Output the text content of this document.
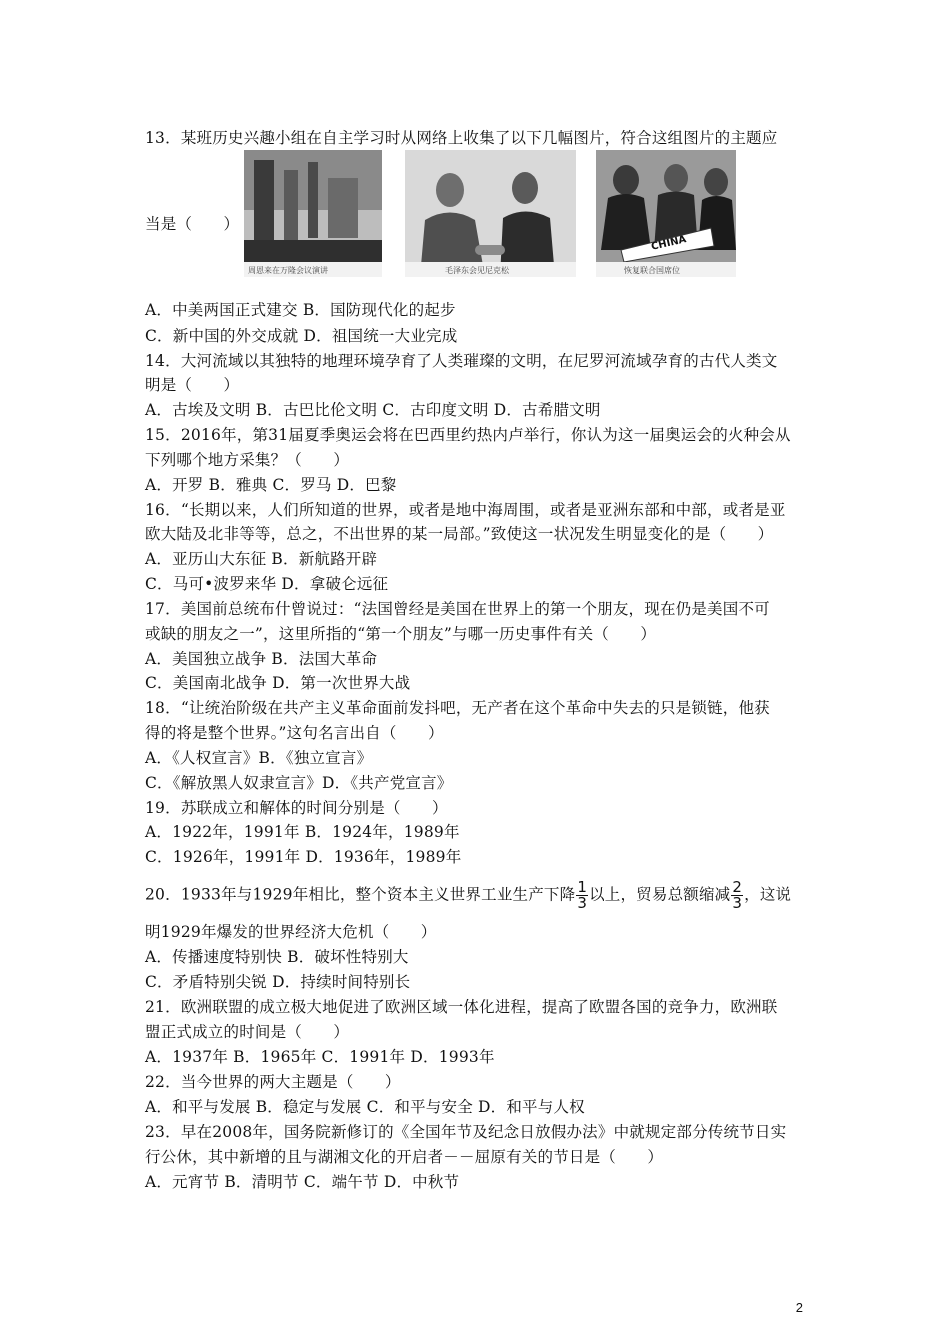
13．某班历史兴趣小组在自主学习时从网络上收集了以下几幅图片，符合这组图片的主题应
周恩来在万隆会议演讲	毛泽东会见尼克松
CHINA
恢复联合国席位
当是（　　）
A．中美两国正式建交 B．国防现代化的起步
C．新中国的外交成就 D．祖国统一大业完成
14．大河流域以其独特的地理环境孕育了人类璀璨的文明，在尼罗河流域孕育的古代人类文
明是（　　）
A．古埃及文明 B．古巴比伦文明 C．古印度文明 D．古希腊文明
15．2016年，第31届夏季奥运会将在巴西里约热内卢举行，你认为这一届奥运会的火种会从
下列哪个地方采集？（　　）
A．开罗 B．雅典 C．罗马 D．巴黎
16．“长期以来，人们所知道的世界，或者是地中海周围，或者是亚洲东部和中部，或者是亚
欧大陆及北非等等，总之，不出世界的某一局部。”致使这一状况发生明显变化的是（　　）
A．亚历山大东征 B．新航路开辟
C．马可•波罗来华 D．拿破仑远征
17．美国前总统布什曾说过：“法国曾经是美国在世界上的第一个朋友，现在仍是美国不可
或缺的朋友之一”，这里所指的“第一个朋友”与哪一历史事件有关（　　）
A．美国独立战争 B．法国大革命
C．美国南北战争 D．第一次世界大战
18．“让统治阶级在共产主义革命面前发抖吧，无产者在这个革命中失去的只是锁链，他获
得的将是整个世界。”这句名言出自（　　）
A．《人权宣言》B．《独立宣言》
C．《解放黑人奴隶宣言》D．《共产党宣言》
19．苏联成立和解体的时间分别是（　　）
A．1922年，1991年 B．1924年，1989年
C．1926年，1991年 D．1936年，1989年
20．1933年与1929年相比，整个资本主义世界工业生产下降 $\frac{1}{3}$ 以上，贸易总额缩减 $\frac{2}{3}$ ，这说
明1929年爆发的世界经济大危机（　　）
A．传播速度特别快 B．破坏性特别大
C．矛盾特别尖锐 D．持续时间特别长
21．欧洲联盟的成立极大地促进了欧洲区域一体化进程，提高了欧盟各国的竞争力，欧洲联
盟正式成立的时间是（　　）
A．1937年 B．1965年 C．1991年 D．1993年
22．当今世界的两大主题是（　　）
A．和平与发展 B．稳定与发展 C．和平与安全 D．和平与人权
23．早在2008年，国务院新修订的《全国年节及纪念日放假办法》中就规定部分传统节日实
行公休，其中新增的且与湖湘文化的开启者－－屈原有关的节日是（　　）
A．元宵节 B．清明节 C．端午节 D．中秋节
2
